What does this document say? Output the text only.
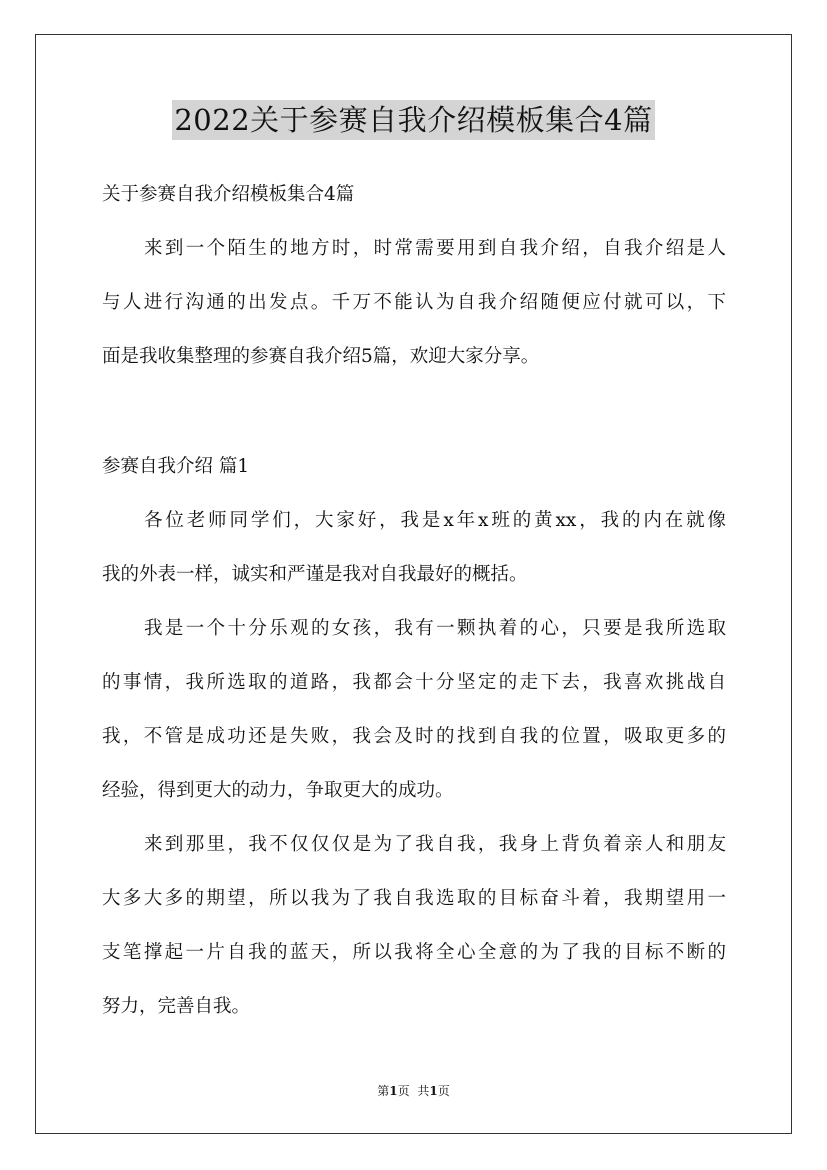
2022关于参赛自我介绍模板集合4篇
关于参赛自我介绍模板集合4篇
来到一个陌生的地方时，时常需要用到自我介绍，自我介绍是人
与人进行沟通的出发点。千万不能认为自我介绍随便应付就可以，下
面是我收集整理的参赛自我介绍5篇，欢迎大家分享。
参赛自我介绍 篇1
各位老师同学们，大家好，我是x年x班的黄xx，我的内在就像
我的外表一样，诚实和严谨是我对自我最好的概括。
我是一个十分乐观的女孩，我有一颗执着的心，只要是我所选取
的事情，我所选取的道路，我都会十分坚定的走下去，我喜欢挑战自
我，不管是成功还是失败，我会及时的找到自我的位置，吸取更多的
经验，得到更大的动力，争取更大的成功。
来到那里，我不仅仅仅是为了我自我，我身上背负着亲人和朋友
大多大多的期望，所以我为了我自我选取的目标奋斗着，我期望用一
支笔撑起一片自我的蓝天，所以我将全心全意的为了我的目标不断的
努力，完善自我。
第1页 共1页
